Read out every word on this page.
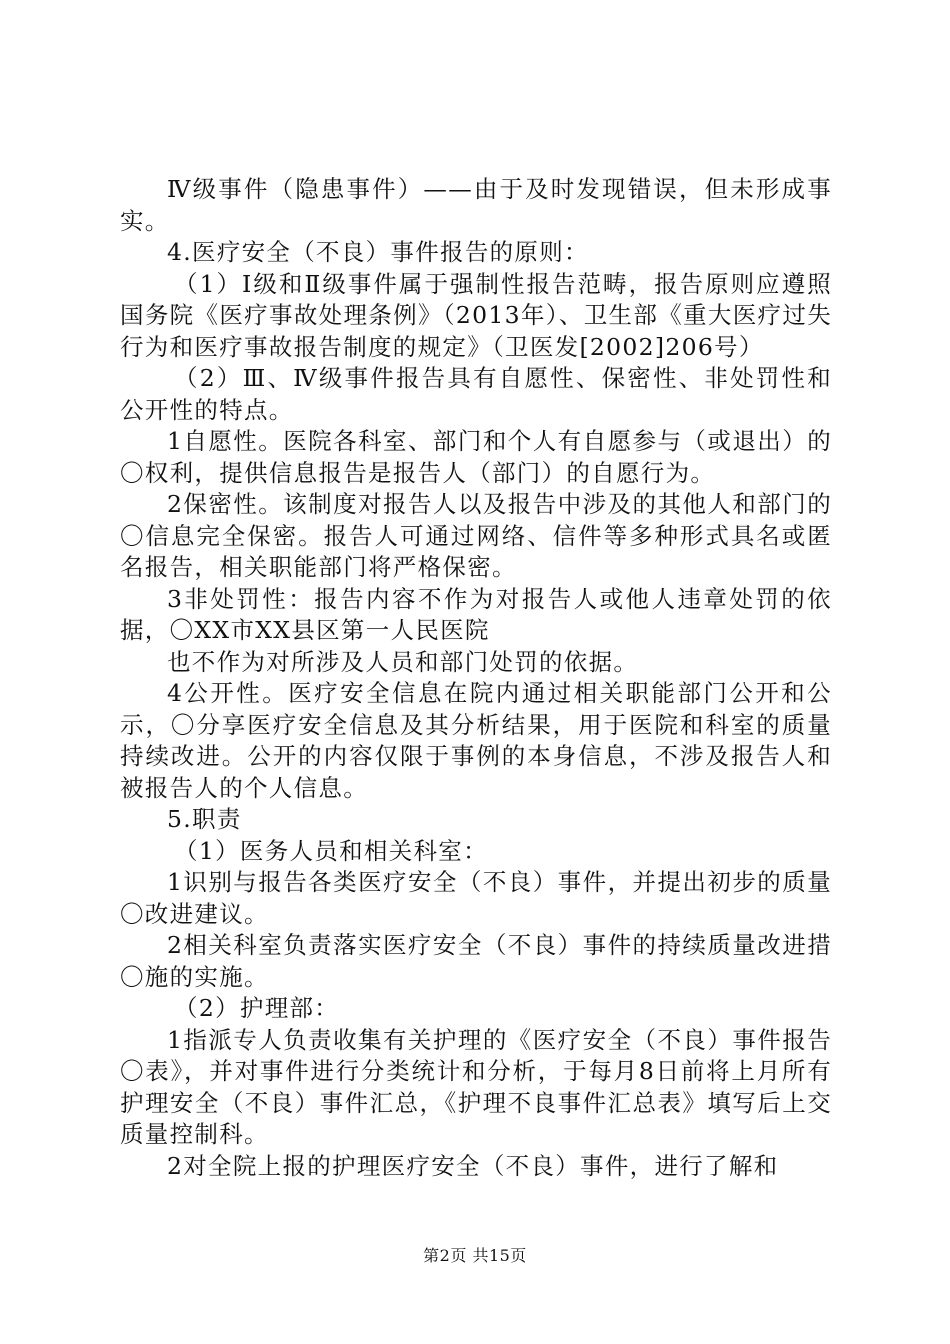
Ⅳ级事件（隐患事件）——由于及时发现错误，但未形成事实。

4.医疗安全（不良）事件报告的原则：

（1）Ⅰ级和Ⅱ级事件属于强制性报告范畴，报告原则应遵照国务院《医疗事故处理条例》（2013年）、卫生部《重大医疗过失行为和医疗事故报告制度的规定》（卫医发[2002]206号）

（2）Ⅲ、Ⅳ级事件报告具有自愿性、保密性、非处罚性和公开性的特点。

1自愿性。医院各科室、部门和个人有自愿参与（或退出）的〇权利，提供信息报告是报告人（部门）的自愿行为。

2保密性。该制度对报告人以及报告中涉及的其他人和部门的〇信息完全保密。报告人可通过网络、信件等多种形式具名或匿名报告，相关职能部门将严格保密。

3非处罚性：报告内容不作为对报告人或他人违章处罚的依据，〇XX市XX县区第一人民医院

也不作为对所涉及人员和部门处罚的依据。

4公开性。医疗安全信息在院内通过相关职能部门公开和公示，〇分享医疗安全信息及其分析结果，用于医院和科室的质量持续改进。公开的内容仅限于事例的本身信息，不涉及报告人和被报告人的个人信息。

5.职责

（1）医务人员和相关科室：

1识别与报告各类医疗安全（不良）事件，并提出初步的质量〇改进建议。

2相关科室负责落实医疗安全（不良）事件的持续质量改进措〇施的实施。

（2）护理部：

1指派专人负责收集有关护理的《医疗安全（不良）事件报告〇表》，并对事件进行分类统计和分析，于每月8日前将上月所有护理安全（不良）事件汇总，《护理不良事件汇总表》填写后上交质量控制科。

2对全院上报的护理医疗安全（不良）事件，进行了解和

第2页 共15页
